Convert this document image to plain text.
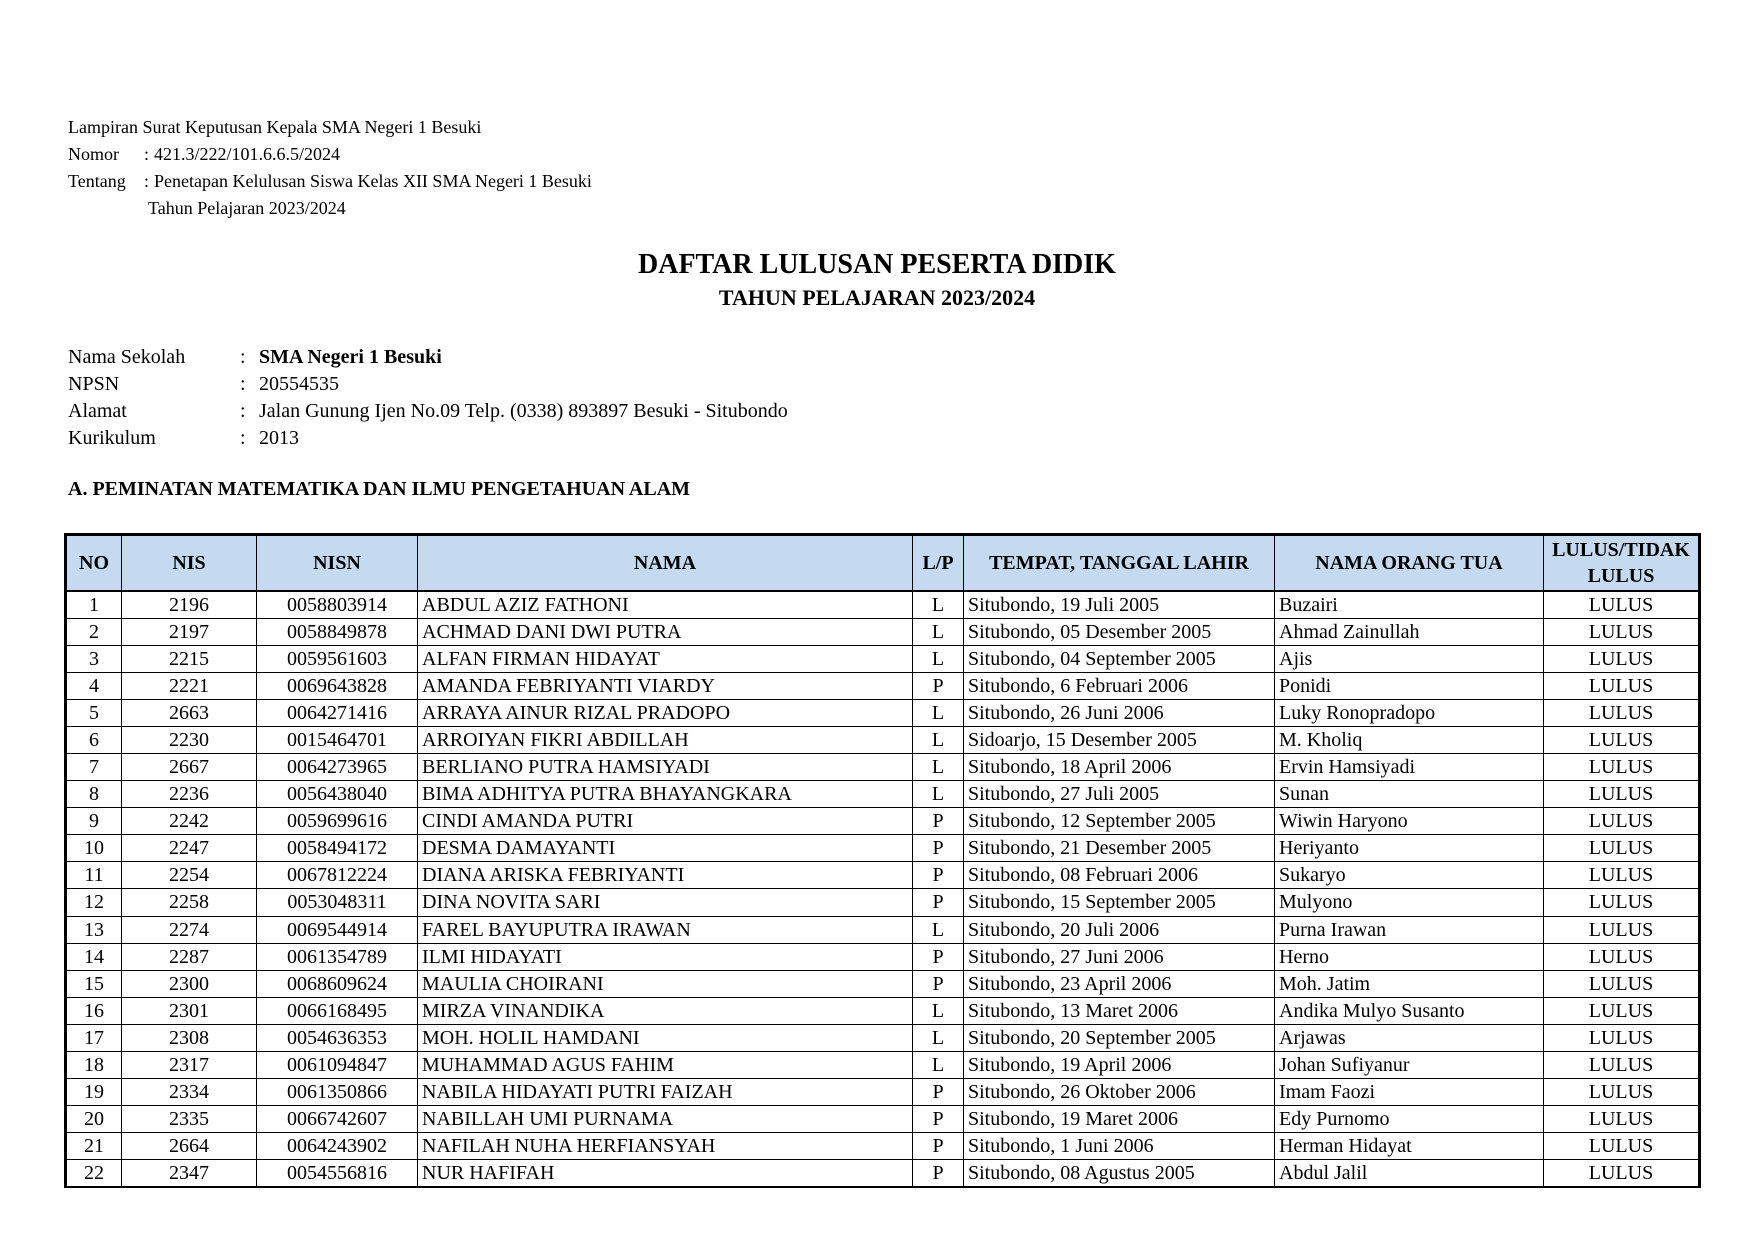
Lampiran Surat Keputusan Kepala SMA Negeri 1 Besuki
Nomor	: 421.3/222/101.6.6.5/2024
Tentang	: Penetapan Kelulusan Siswa Kelas XII SMA Negeri 1 Besuki
Tahun Pelajaran 2023/2024
DAFTAR LULUSAN PESERTA DIDIK
TAHUN PELAJARAN 2023/2024
Nama Sekolah	: SMA Negeri 1 Besuki
NPSN	: 20554535
Alamat	: Jalan Gunung Ijen No.09 Telp. (0338) 893897 Besuki - Situbondo
Kurikulum	: 2013
A. PEMINATAN MATEMATIKA DAN ILMU PENGETAHUAN ALAM
NO	NIS	NISN	NAMA	L/P	TEMPAT, TANGGAL LAHIR	NAMA ORANG TUA	LULUS/TIDAK LULUS
1	2196	0058803914	ABDUL AZIZ FATHONI	L	Situbondo, 19 Juli 2005	Buzairi	LULUS
2	2197	0058849878	ACHMAD DANI DWI PUTRA	L	Situbondo, 05 Desember 2005	Ahmad Zainullah	LULUS
3	2215	0059561603	ALFAN FIRMAN HIDAYAT	L	Situbondo, 04 September 2005	Ajis	LULUS
4	2221	0069643828	AMANDA FEBRIYANTI VIARDY	P	Situbondo, 6 Februari 2006	Ponidi	LULUS
5	2663	0064271416	ARRAYA AINUR RIZAL PRADOPO	L	Situbondo, 26 Juni 2006	Luky Ronopradopo	LULUS
6	2230	0015464701	ARROIYAN FIKRI ABDILLAH	L	Sidoarjo, 15 Desember 2005	M. Kholiq	LULUS
7	2667	0064273965	BERLIANO PUTRA HAMSIYADI	L	Situbondo, 18 April 2006	Ervin Hamsiyadi	LULUS
8	2236	0056438040	BIMA ADHITYA PUTRA BHAYANGKARA	L	Situbondo, 27 Juli 2005	Sunan	LULUS
9	2242	0059699616	CINDI AMANDA PUTRI	P	Situbondo, 12 September 2005	Wiwin Haryono	LULUS
10	2247	0058494172	DESMA DAMAYANTI	P	Situbondo, 21 Desember 2005	Heriyanto	LULUS
11	2254	0067812224	DIANA ARISKA FEBRIYANTI	P	Situbondo, 08 Februari 2006	Sukaryo	LULUS
12	2258	0053048311	DINA NOVITA SARI	P	Situbondo, 15 September 2005	Mulyono	LULUS
13	2274	0069544914	FAREL BAYUPUTRA IRAWAN	L	Situbondo, 20 Juli 2006	Purna Irawan	LULUS
14	2287	0061354789	ILMI HIDAYATI	P	Situbondo, 27 Juni 2006	Herno	LULUS
15	2300	0068609624	MAULIA CHOIRANI	P	Situbondo, 23 April 2006	Moh. Jatim	LULUS
16	2301	0066168495	MIRZA VINANDIKA	L	Situbondo, 13 Maret 2006	Andika Mulyo Susanto	LULUS
17	2308	0054636353	MOH. HOLIL HAMDANI	L	Situbondo, 20 September 2005	Arjawas	LULUS
18	2317	0061094847	MUHAMMAD AGUS FAHIM	L	Situbondo, 19 April 2006	Johan Sufiyanur	LULUS
19	2334	0061350866	NABILA HIDAYATI PUTRI FAIZAH	P	Situbondo, 26 Oktober 2006	Imam Faozi	LULUS
20	2335	0066742607	NABILLAH UMI PURNAMA	P	Situbondo, 19 Maret 2006	Edy Purnomo	LULUS
21	2664	0064243902	NAFILAH NUHA HERFIANSYAH	P	Situbondo, 1 Juni 2006	Herman Hidayat	LULUS
22	2347	0054556816	NUR HAFIFAH	P	Situbondo, 08 Agustus 2005	Abdul Jalil	LULUS
